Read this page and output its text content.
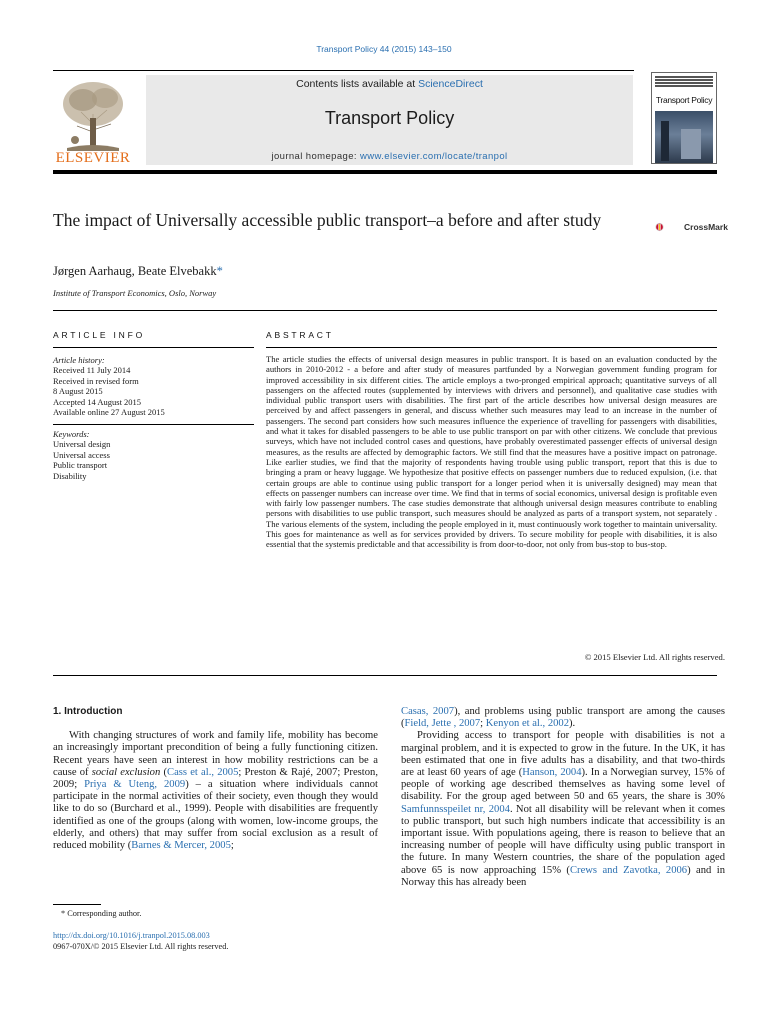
Transport Policy 44 (2015) 143–150
ELSEVIER
Contents lists available at ScienceDirect
Transport Policy
journal homepage: www.elsevier.com/locate/tranpol
Transport Policy
The impact of Universally accessible public transport–a before and after study	CrossMark
Jørgen Aarhaug, Beate Elvebakk*
Institute of Transport Economics, Oslo, Norway
ARTICLE INFO	ABSTRACT
Article history:
Received 11 July 2014
Received in revised form
8 August 2015
Accepted 14 August 2015
Available online 27 August 2015
Keywords:
Universal design
Universal access
Public transport
Disability
The article studies the effects of universal design measures in public transport. It is based on an evaluation conducted by the authors in 2010-2012 - a before and after study of measures partfunded by a Norwegian government funding program for improved accessibility in six different cities. The article employs a two-pronged empirical approach; quantitative surveys of all passengers on the affected routes (supplemented by interviews with drivers and personnel), and qualitative case studies with individual public transport users with disabilities. The first part of the article describes how universal design measures are perceived by and affect passengers in general, and discuss whether such measures may lead to an increase in the number of passengers. The second part considers how such measures influence the experience of travelling for passengers with disabilities, and what it takes for disabled passengers to be able to use public transport on par with other citizens. We conclude that previous surveys, which have not included control cases and questions, have probably overestimated passenger effects of universal design measures, as the results are affected by demographic factors. We still find that the measures have a positive impact on patronage. Like earlier studies, we find that the majority of respondents having trouble using public transport, report that this is due to bringing a pram or heavy luggage. We hypothesize that positive effects on passenger numbers due to reduced expulsion, (i.e. that certain groups are able to continue using public transport for a longer period when it is universally designed) may mean that effects on passenger numbers can increase over time. We find that in terms of social economics, universal design is profitable even with fairly low passenger numbers. The case studies demonstrate that although universal design measures contribute to enabling persons with disabilities to use public transport, such measures should be analyzed as parts of a transport system, not separately . The various elements of the system, including the people employed in it, must continuously work together to maintain universality. This goes for maintenance as well as for services provided by drivers. To secure mobility for people with disabilities, it is also essential that the systemis predictable and that accessibility is from door-to-door, not only from bus-stop to bus-stop.
© 2015 Elsevier Ltd. All rights reserved.
1. Introduction

With changing structures of work and family life, mobility has become an increasingly important precondition of being a fully functioning citizen. Recent years have seen an interest in how mobility restrictions can be a cause of social exclusion (Cass et al., 2005; Preston & Rajé, 2007; Preston, 2009; Priya & Uteng, 2009) – a situation where individuals cannot participate in the normal activities of their society, even though they would like to do so (Burchard et al., 1999). People with disabilities are frequently identified as one of the groups (along with women, low-income groups, the elderly, and others) that may suffer from social exclusion as a result of reduced mobility (Barnes & Mercer, 2005;

Casas, 2007), and problems using public transport are among the causes (Field, Jette , 2007; Kenyon et al., 2002).

Providing access to transport for people with disabilities is not a marginal problem, and it is expected to grow in the future. In the UK, it has been estimated that one in five adults has a disability, and that two-thirds are at least 60 years of age (Hanson, 2004). In a Norwegian survey, 15% of people of working age described themselves as having some level of disability. For the group aged between 50 and 65 years, the share is 30% Samfunnsspeilet nr, 2004. Not all disability will be relevant when it comes to public transport, but such high numbers indicate that accessibility is an important issue. With populations ageing, there is reason to believe that an increasing number of people will have difficulty using public transport in the future. In many Western countries, the share of the population aged above 65 is now approaching 15% (Crews and Zavotka, 2006) and in Norway this has already been

* Corresponding author.
http://dx.doi.org/10.1016/j.tranpol.2015.08.003
0967-070X/© 2015 Elsevier Ltd. All rights reserved.
